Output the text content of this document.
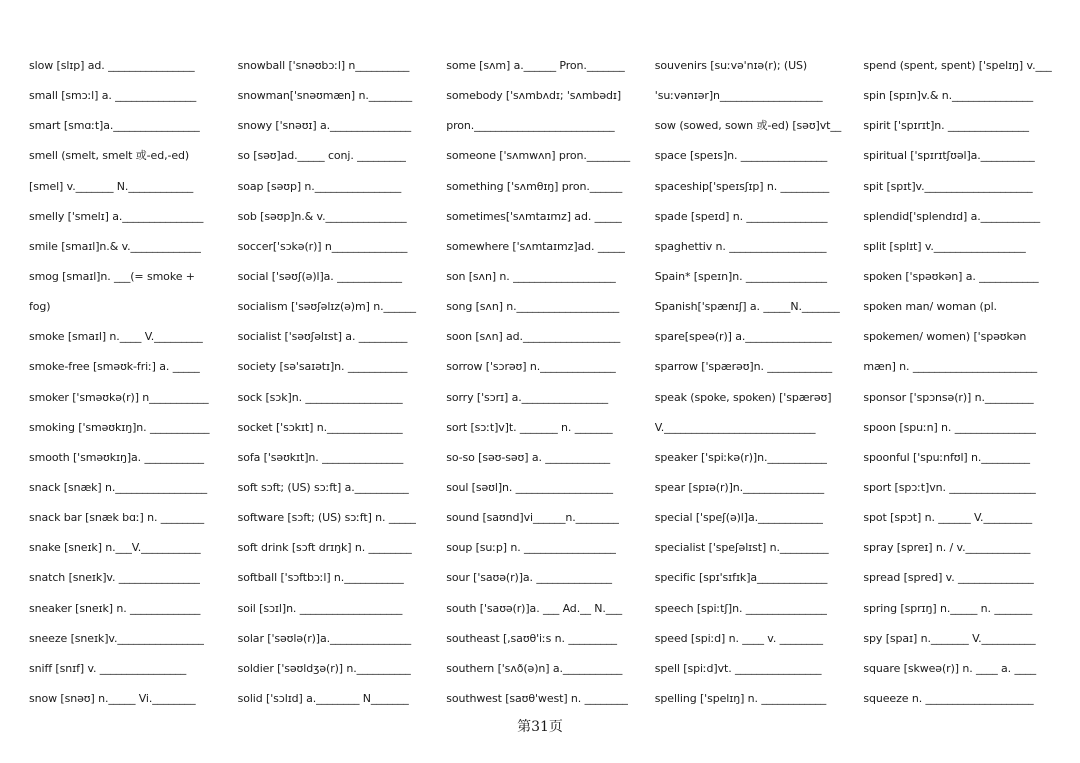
slow [slɪp] ad. ________________
small [smɔːl] a. _______________
smart [smɑːt]a.________________
smell (smelt, smelt 或-ed,-ed)
[smel] v._______ N.____________
smelly ['smelɪ] a._______________
smile [smaɪl]n.& v._____________
smog [smaɪl]n. ___(= smoke +
fog)
smoke [smaɪl] n.____ V._________
smoke-free [sməʊk-friː] a. _____
smoker ['sməʊkə(r)] n___________
smoking ['sməʊkɪŋ]n. ___________
smooth ['sməʊkɪŋ]a. ___________
snack [snæk] n._________________
snack bar [snæk bɑː] n. ________
snake [sneɪk] n.___V.___________
snatch [sneɪk]v. _______________
sneaker [sneɪk] n. _____________
sneeze [sneɪk]v.________________
sniff [snɪf] v. ________________
snow [snəʊ] n._____ Vi.________
snowball ['snəʊbɔːl] n__________
snowman['snəʊmæn] n.________
snowy ['snəʊɪ] a._______________
so [səʊ]ad._____ conj. _________
soap [səʊp] n.________________
sob [səʊp]n.& v._______________
soccer['sɔkə(r)] n______________
social ['səʊʃ(ə)l]a. ____________
socialism ['səʊʃəlɪz(ə)m] n.______
socialist ['səʊʃəlɪst] a. _________
society [sə'saɪətɪ]n. ___________
sock [sɔk]n. __________________
socket ['sɔkɪt] n.______________
sofa ['səʊkɪt]n. _______________
soft sɔft; (US) sɔːft] a.__________
software [sɔft; (US) sɔːft] n. _____
soft drink [sɔft drɪŋk] n. ________
softball ['sɔftbɔːl] n.___________
soil [sɔɪl]n. ___________________
solar ['səʊlə(r)]a._______________
soldier ['səʊldʒə(r)] n.__________
solid ['sɔlɪd] a.________ N_______
some [sʌm] a.______ Pron._______
somebody ['sʌmbʌdɪ; 'sʌmbədɪ]
pron.__________________________
someone ['sʌmwʌn] pron.________
something ['sʌmθɪŋ] pron.______
sometimes['sʌmtaɪmz] ad. _____
somewhere ['sʌmtaɪmz]ad. _____
son [sʌn] n. ___________________
song [sʌn] n.___________________
soon [sʌn] ad.__________________
sorrow ['sɔrəʊ] n.______________
sorry ['sɔrɪ] a.________________
sort [sɔːt]v]t. _______ n. _______
so-so [səʊ-səʊ] a. ____________
soul [səʊl]n. __________________
sound [saʊnd]vi______n.________
soup [suːp] n. _________________
sour ['saʊə(r)]a. ______________
south ['saʊə(r)]a. ___ Ad.__ N.___
southeast [,saʊθ'iːs n. _________
southern ['sʌð(ə)n] a.___________
southwest [saʊθ'west] n. ________
souvenirs [suːvə'nɪə(r); (US)
'suːvənɪər]n___________________
sow (sowed, sown 或-ed) [səʊ]vt__
space [speɪs]n. ________________
spaceship['speɪsʃɪp] n. _________
spade [speɪd] n. _______________
spaghettiv n. __________________
Spain* [speɪn]n. _______________
Spanish['spænɪʃ] a. _____N._______
spare[speə(r)] a.________________
sparrow ['spærəʊ]n. ____________
speak (spoke, spoken) ['spærəʊ]
V.____________________________
speaker ['spiːkə(r)]n.___________
spear [spɪə(r)]n._______________
special ['speʃ(ə)l]a.____________
specialist ['speʃəlɪst] n._________
specific [spɪ'sɪfɪk]a_____________
speech [spiːtʃ]n. _______________
speed [spiːd] n. ____ v. ________
spell [spiːd]vt. ________________
spelling ['spelɪŋ] n. ____________
spend (spent, spent) ['spelɪŋ] v.___
spin [spɪn]v.& n._______________
spirit ['spɪrɪt]n. _______________
spiritual ['spɪrɪtʃʊəl]a.__________
spit [spɪt]v.____________________
splendid['splendɪd] a.___________
split [splɪt] v._________________
spoken ['spəʊkən] a. ___________
spoken man/ woman (pl.
spokemen/ women) ['spəʊkən
mæn] n. _______________________
sponsor ['spɔnsə(r)] n._________
spoon [spuːn] n. _______________
spoonful ['spuːnfʊl] n._________
sport [spɔːt]vn. ________________
spot [spɔt] n. ______ V._________
spray [spreɪ] n. / v.____________
spread [spred] v. ______________
spring [sprɪŋ] n._____ n. _______
spy [spaɪ] n._______ V.__________
square [skweə(r)] n. ____ a. ____
squeeze n. ____________________
第31页
